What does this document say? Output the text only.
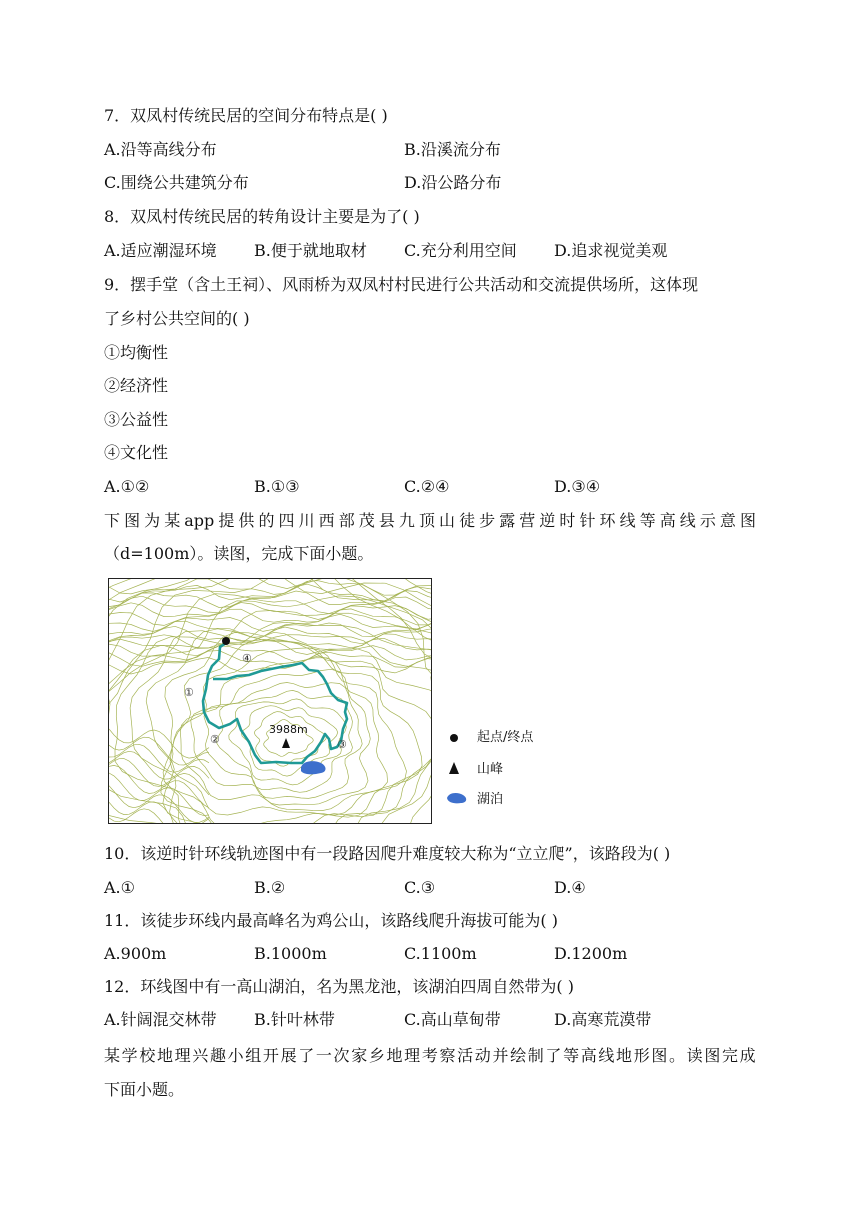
7．双凤村传统民居的空间分布特点是( )
A.沿等高线分布	B.沿溪流分布
C.围绕公共建筑分布	D.沿公路分布
8．双凤村传统民居的转角设计主要是为了( )
A.适应潮湿环境 B.便于就地取材 C.充分利用空间 D.追求视觉美观
9．摆手堂（含土王祠）、风雨桥为双凤村村民进行公共活动和交流提供场所，这体现
了乡村公共空间的( )
①均衡性
②经济性
③公益性
④文化性
A.①②	B.①③	C.②④	D.③④
下 图 为 某 app 提 供 的 四 川 西 部 茂 县 九 顶 山 徒 步 露 营 逆 时 针 环 线 等 高 线 示 意 图
（d=100m）。读图，完成下面小题。
3988m
①
②	③
④
起点/终点
山峰
湖泊
10．该逆时针环线轨迹图中有一段路因爬升难度较大称为“立立爬”，该路段为( )
A.①	B.②	C.③	D.④
11．该徒步环线内最高峰名为鸡公山，该路线爬升海拔可能为( )
A.900m	B.1000m	C.1100m	D.1200m
12．环线图中有一高山湖泊，名为黑龙池，该湖泊四周自然带为( )
A.针阔混交林带 B.针叶林带	C.高山草甸带	D.高寒荒漠带
某 学 校 地 理 兴 趣 小 组 开 展 了 一 次 家 乡 地 理 考 察 活 动 并 绘 制 了 等 高 线 地 形 图 。 读 图 完 成
下面小题。
